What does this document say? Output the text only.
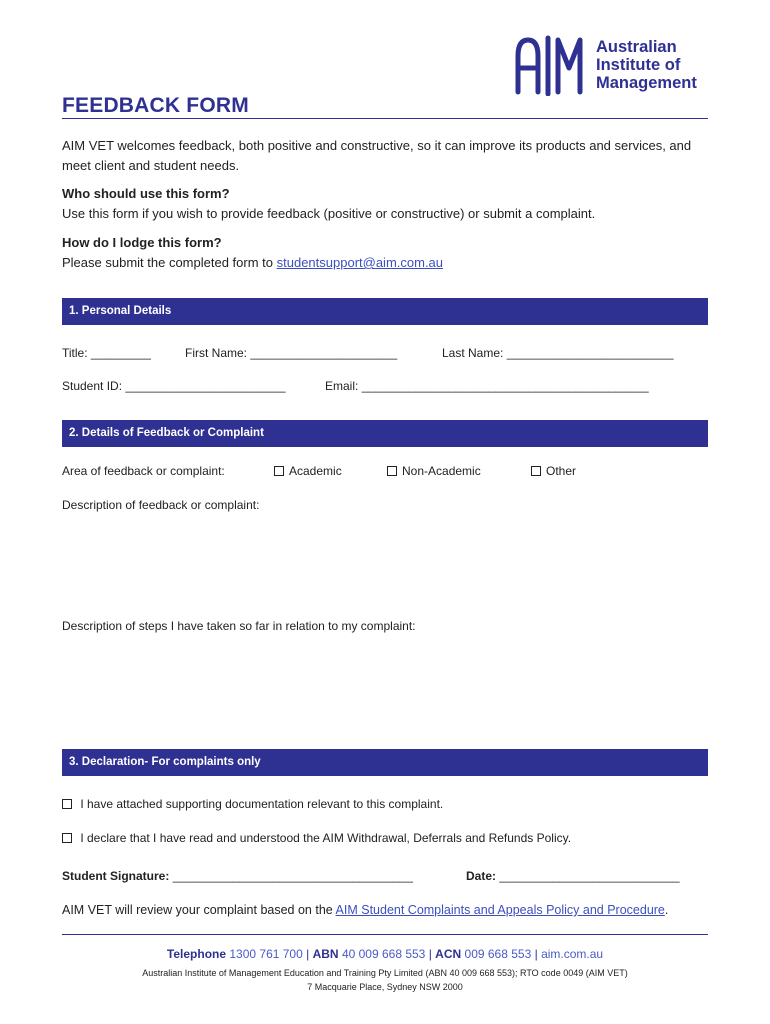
Australian
Institute of
Management
FEEDBACK FORM
AIM VET welcomes feedback, both positive and constructive, so it can improve its products and services, and meet client and student needs.
Who should use this form?
Use this form if you wish to provide feedback (positive or constructive) or submit a complaint.
How do I lodge this form?
Please submit the completed form to studentsupport@aim.com.au
1. Personal Details
Title: _________	First Name: ______________________	Last Name: _________________________
Student ID: ________________________	Email: ___________________________________________
2. Details of Feedback or Complaint
Area of feedback or complaint:	Academic	Non-Academic	Other
Description of feedback or complaint:
Description of steps I have taken so far in relation to my complaint:
3. Declaration- For complaints only
I have attached supporting documentation relevant to this complaint.
I declare that I have read and understood the AIM Withdrawal, Deferrals and Refunds Policy.
Student Signature: ____________________________________	Date: ___________________________
AIM VET will review your complaint based on the AIM Student Complaints and Appeals Policy and Procedure.
Telephone 1300 761 700 | ABN 40 009 668 553 | ACN 009 668 553 | aim.com.au
Australian Institute of Management Education and Training Pty Limited (ABN 40 009 668 553); RTO code 0049 (AIM VET)
7 Macquarie Place, Sydney NSW 2000
